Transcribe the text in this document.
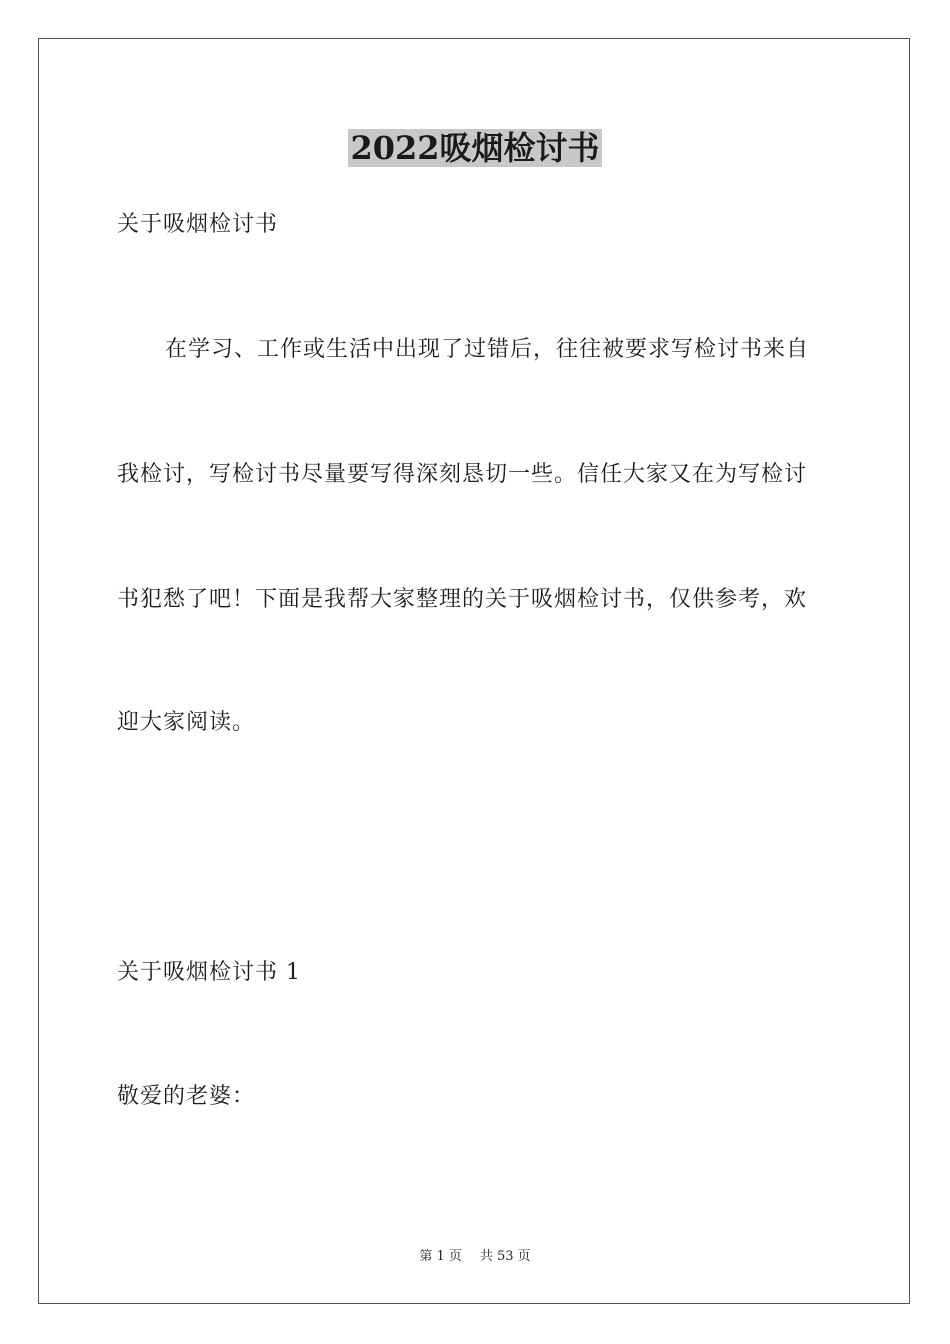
2022吸烟检讨书
关于吸烟检讨书
在学习、工作或生活中出现了过错后，往往被要求写检讨书来自
我检讨，写检讨书尽量要写得深刻恳切一些。信任大家又在为写检讨
书犯愁了吧！下面是我帮大家整理的关于吸烟检讨书，仅供参考，欢
迎大家阅读。
关于吸烟检讨书 1
敬爱的老婆：
第 1 页 共 53 页
